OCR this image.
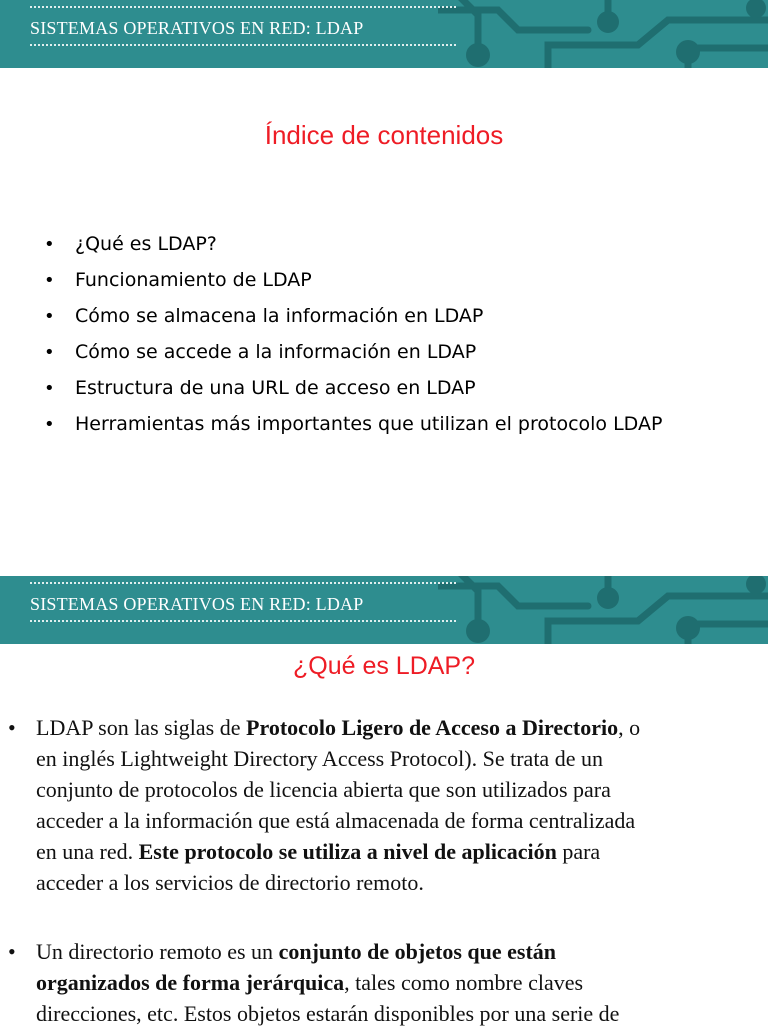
SISTEMAS OPERATIVOS EN RED: LDAP
Índice de contenidos
• ¿Qué es LDAP?
• Funcionamiento de LDAP
• Cómo se almacena la información en LDAP
• Cómo se accede a la información en LDAP
• Estructura de una URL de acceso en LDAP
• Herramientas más importantes que utilizan el protocolo LDAP
SISTEMAS OPERATIVOS EN RED: LDAP
¿Qué es LDAP?
• LDAP son las siglas de Protocolo Ligero de Acceso a Directorio, o
en inglés Lightweight Directory Access Protocol). Se trata de un
conjunto de protocolos de licencia abierta que son utilizados para
acceder a la información que está almacenada de forma centralizada
en una red. Este protocolo se utiliza a nivel de aplicación para
acceder a los servicios de directorio remoto.
• Un directorio remoto es un conjunto de objetos que están
organizados de forma jerárquica, tales como nombre claves
direcciones, etc. Estos objetos estarán disponibles por una serie de
